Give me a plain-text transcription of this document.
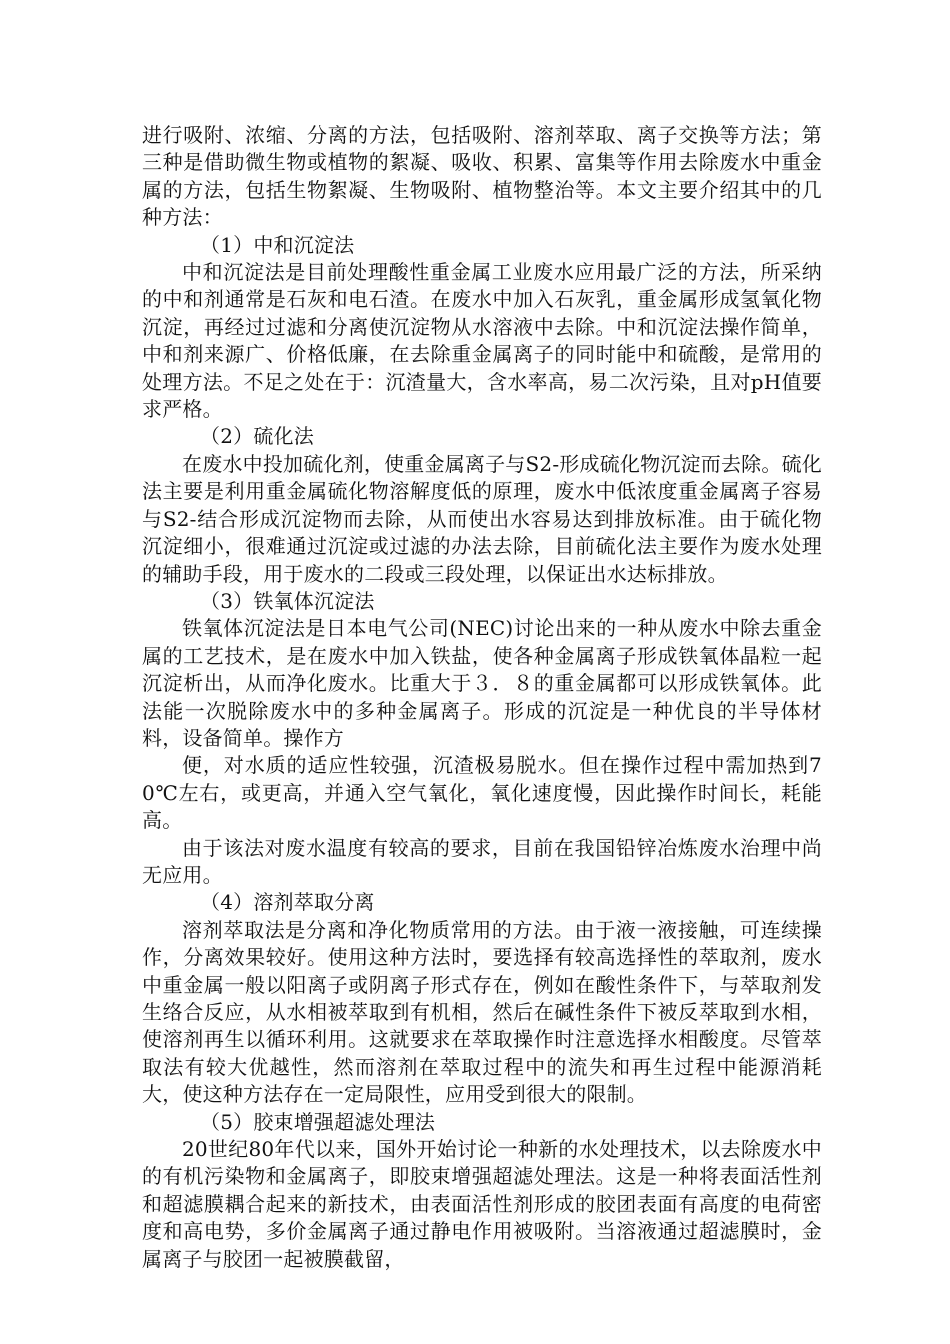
进行吸附、浓缩、分离的方法，包括吸附、溶剂萃取、离子交换等方法；第三种是借助微生物或植物的絮凝、吸收、积累、富集等作用去除废水中重金属的方法，包括生物絮凝、生物吸附、植物整治等。本文主要介绍其中的几种方法：

（1）中和沉淀法

中和沉淀法是目前处理酸性重金属工业废水应用最广泛的方法，所采纳的中和剂通常是石灰和电石渣。在废水中加入石灰乳，重金属形成氢氧化物沉淀，再经过过滤和分离使沉淀物从水溶液中去除。中和沉淀法操作简单，中和剂来源广、价格低廉，在去除重金属离子的同时能中和硫酸，是常用的处理方法。不足之处在于：沉渣量大，含水率高，易二次污染，且对pH值要求严格。

（2）硫化法

在废水中投加硫化剂，使重金属离子与S2-形成硫化物沉淀而去除。硫化法主要是利用重金属硫化物溶解度低的原理，废水中低浓度重金属离子容易与S2-结合形成沉淀物而去除，从而使出水容易达到排放标准。由于硫化物沉淀细小，很难通过沉淀或过滤的办法去除，目前硫化法主要作为废水处理的辅助手段，用于废水的二段或三段处理，以保证出水达标排放。

（3）铁氧体沉淀法

铁氧体沉淀法是日本电气公司(NEC)讨论出来的一种从废水中除去重金属的工艺技术，是在废水中加入铁盐，使各种金属离子形成铁氧体晶粒一起沉淀析出，从而净化废水。比重大于３．８的重金属都可以形成铁氧体。此法能一次脱除废水中的多种金属离子。形成的沉淀是一种优良的半导体材料，设备简单。操作方

便，对水质的适应性较强，沉渣极易脱水。但在操作过程中需加热到70℃左右，或更高，并通入空气氧化，氧化速度慢，因此操作时间长，耗能高。

由于该法对废水温度有较高的要求，目前在我国铅锌冶炼废水治理中尚无应用。

（4）溶剂萃取分离

溶剂萃取法是分离和净化物质常用的方法。由于液一液接触，可连续操作，分离效果较好。使用这种方法时，要选择有较高选择性的萃取剂，废水中重金属一般以阳离子或阴离子形式存在，例如在酸性条件下，与萃取剂发生络合反应，从水相被萃取到有机相，然后在碱性条件下被反萃取到水相，使溶剂再生以循环利用。这就要求在萃取操作时注意选择水相酸度。尽管萃取法有较大优越性，然而溶剂在萃取过程中的流失和再生过程中能源消耗大，使这种方法存在一定局限性，应用受到很大的限制。

（5）胶束增强超滤处理法

20世纪80年代以来，国外开始讨论一种新的水处理技术，以去除废水中的有机污染物和金属离子，即胶束增强超滤处理法。这是一种将表面活性剂和超滤膜耦合起来的新技术，由表面活性剂形成的胶团表面有高度的电荷密度和高电势，多价金属离子通过静电作用被吸附。当溶液通过超滤膜时，金属离子与胶团一起被膜截留，
